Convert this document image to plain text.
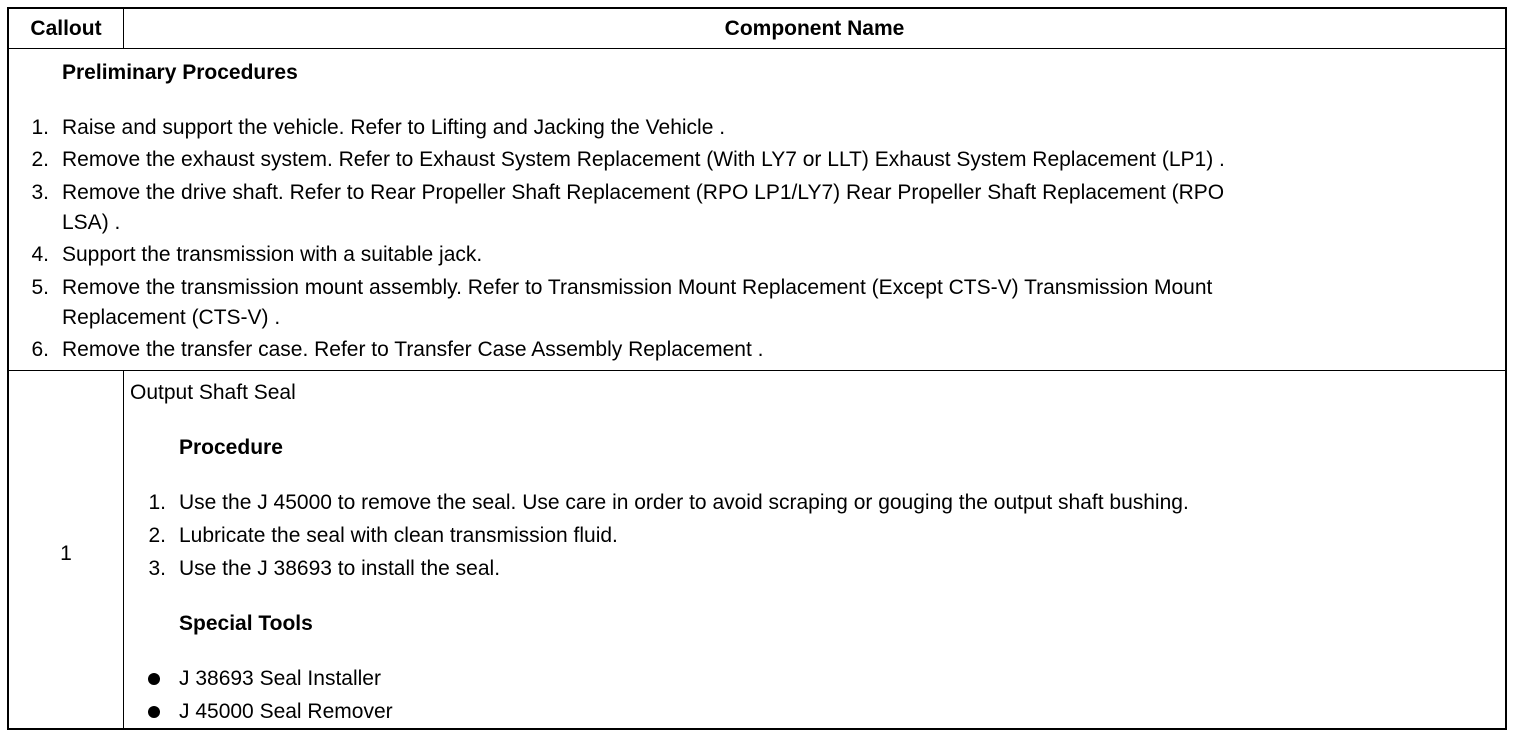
Callout	Component Name
Preliminary Procedures
1. Raise and support the vehicle. Refer to Lifting and Jacking the Vehicle .
2. Remove the exhaust system. Refer to Exhaust System Replacement (With LY7 or LLT) Exhaust System Replacement (LP1) .
3. Remove the drive shaft. Refer to Rear Propeller Shaft Replacement (RPO LP1/LY7) Rear Propeller Shaft Replacement (RPO
LSA) .
4. Support the transmission with a suitable jack.
5. Remove the transmission mount assembly. Refer to Transmission Mount Replacement (Except CTS-V) Transmission Mount
Replacement (CTS-V) .
6. Remove the transfer case. Refer to Transfer Case Assembly Replacement .
1
Output Shaft Seal
Procedure
1. Use the J 45000 to remove the seal. Use care in order to avoid scraping or gouging the output shaft bushing.
2. Lubricate the seal with clean transmission fluid.
3. Use the J 38693 to install the seal.
Special Tools
J 38693 Seal Installer
J 45000 Seal Remover
